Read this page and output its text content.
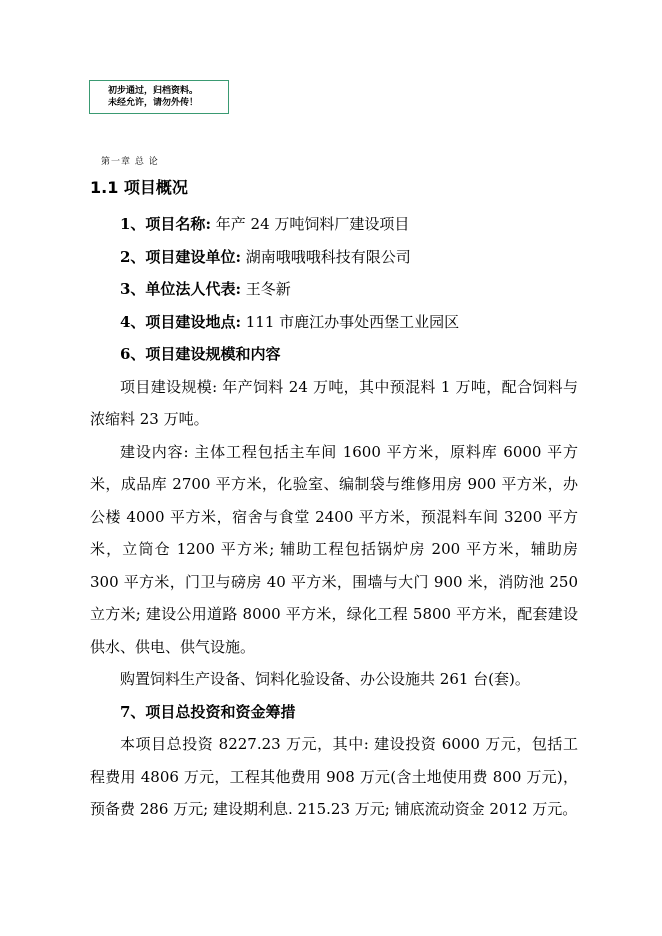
初步通过，归档资料。
未经允许，请勿外传！
第一章 总 论
1.1 项目概况
1、项目名称: 年产 24 万吨饲料厂建设项目
2、项目建设单位: 湖南哦哦哦科技有限公司
3、单位法人代表: 王冬新
4、项目建设地点: 111 市鹿江办事处西堡工业园区
6、项目建设规模和内容
项目建设规模: 年产饲料 24 万吨，其中预混料 1 万吨，配合饲料与浓缩料 23 万吨。
建设内容: 主体工程包括主车间 1600 平方米，原料库 6000 平方米，成品库 2700 平方米，化验室、编制袋与维修用房 900 平方米，办公楼 4000 平方米，宿舍与食堂 2400 平方米，预混料车间 3200 平方米，立筒仓 1200 平方米; 辅助工程包括锅炉房 200 平方米，辅助房 300 平方米，门卫与磅房 40 平方米，围墙与大门 900 米，消防池 250 立方米; 建设公用道路 8000 平方米，绿化工程 5800 平方米，配套建设供水、供电、供气设施。
购置饲料生产设备、饲料化验设备、办公设施共 261 台(套)。
7、项目总投资和资金筹措
本项目总投资 8227.23 万元，其中: 建设投资 6000 万元，包括工程费用 4806 万元，工程其他费用 908 万元(含土地使用费 800 万元)，预备费 286 万元; 建设期利息. 215.23 万元; 铺底流动资金 2012 万元。
